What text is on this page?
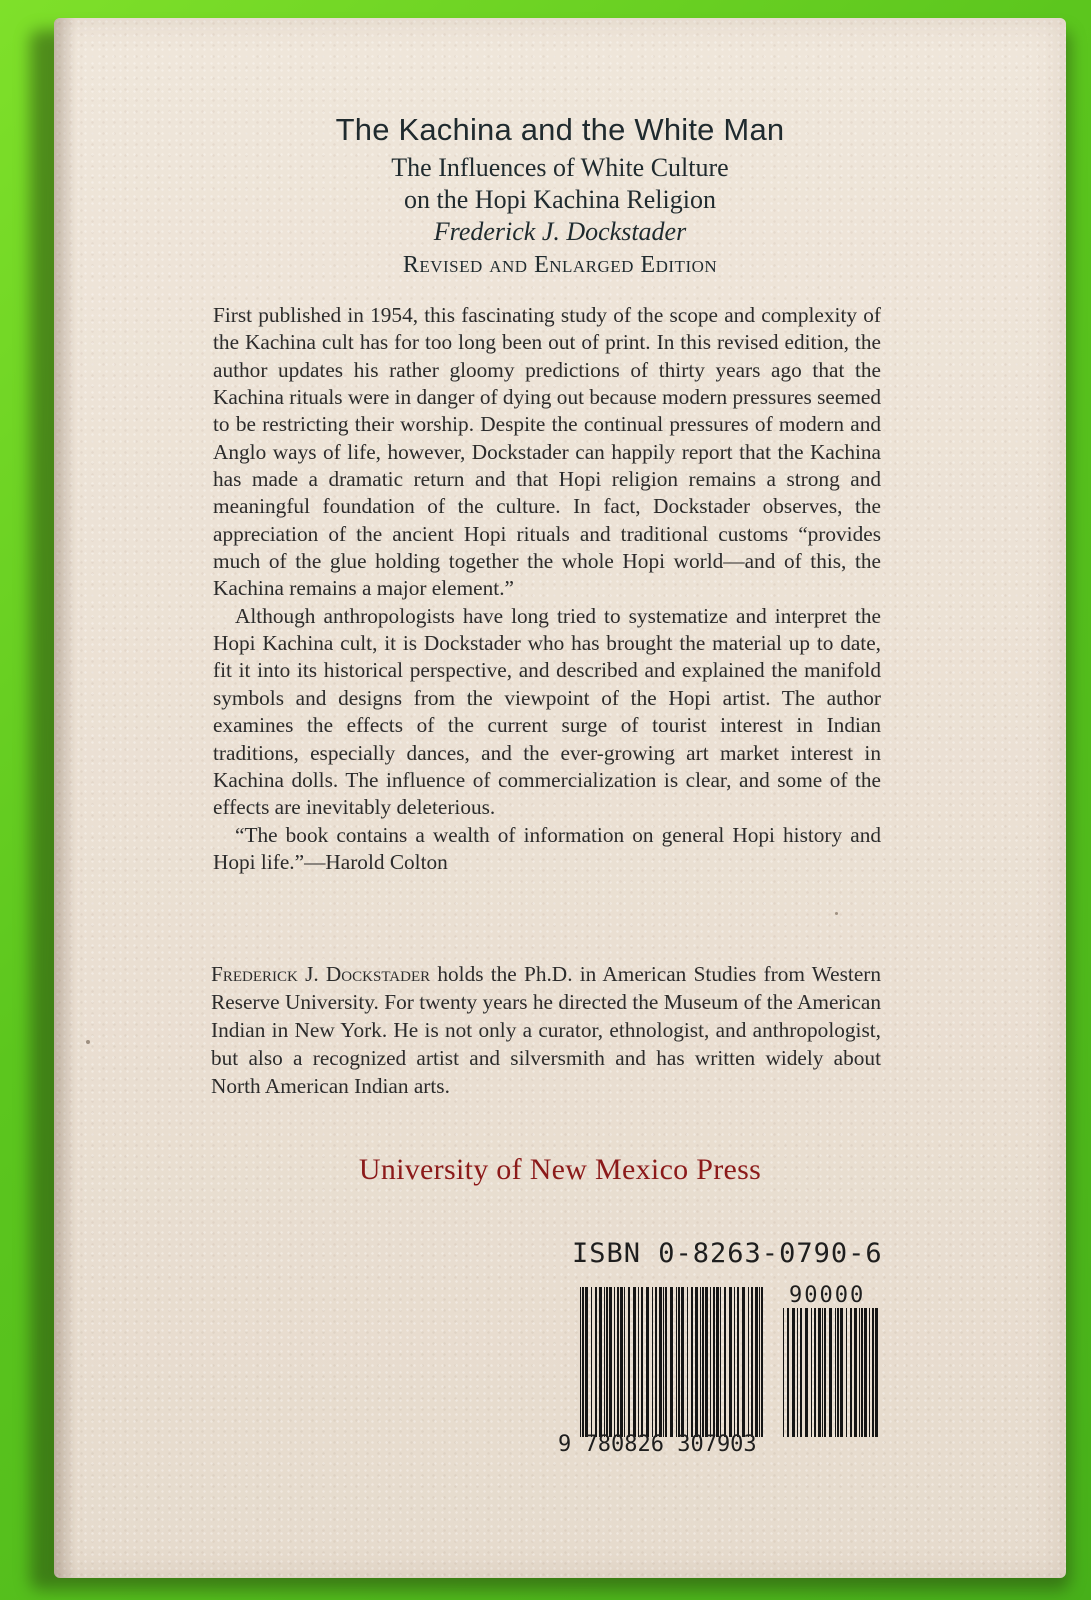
The Kachina and the White Man
The Influences of White Culture
on the Hopi Kachina Religion
Frederick J. Dockstader
Revised and Enlarged Edition

First published in 1954, this fascinating study of the scope and complexity of the Kachina cult has for too long been out of print. In this revised edition, the author updates his rather gloomy predictions of thirty years ago that the Kachina rituals were in danger of dying out because modern pressures seemed to be restricting their worship. Despite the continual pressures of modern and Anglo ways of life, however, Dockstader can happily report that the Kachina has made a dramatic return and that Hopi religion remains a strong and meaningful foundation of the culture. In fact, Dockstader observes, the appreciation of the ancient Hopi rituals and traditional customs “provides much of the glue holding together the whole Hopi world—and of this, the Kachina remains a major element.”

Although anthropologists have long tried to systematize and interpret the Hopi Kachina cult, it is Dockstader who has brought the material up to date, fit it into its historical perspective, and described and explained the manifold symbols and designs from the viewpoint of the Hopi artist. The author examines the effects of the current surge of tourist interest in Indian traditions, especially dances, and the ever-growing art market interest in Kachina dolls. The influence of commercialization is clear, and some of the effects are inevitably deleterious.

“The book contains a wealth of information on general Hopi history and Hopi life.”—Harold Colton

Frederick J. Dockstader holds the Ph.D. in American Studies from Western Reserve University. For twenty years he directed the Museum of the American Indian in New York. He is not only a curator, ethnologist, and anthropologist, but also a recognized artist and silversmith and has written widely about North American Indian arts.
University of New Mexico Press
ISBN 0-8263-0790-6
9 780826 307903
90000
